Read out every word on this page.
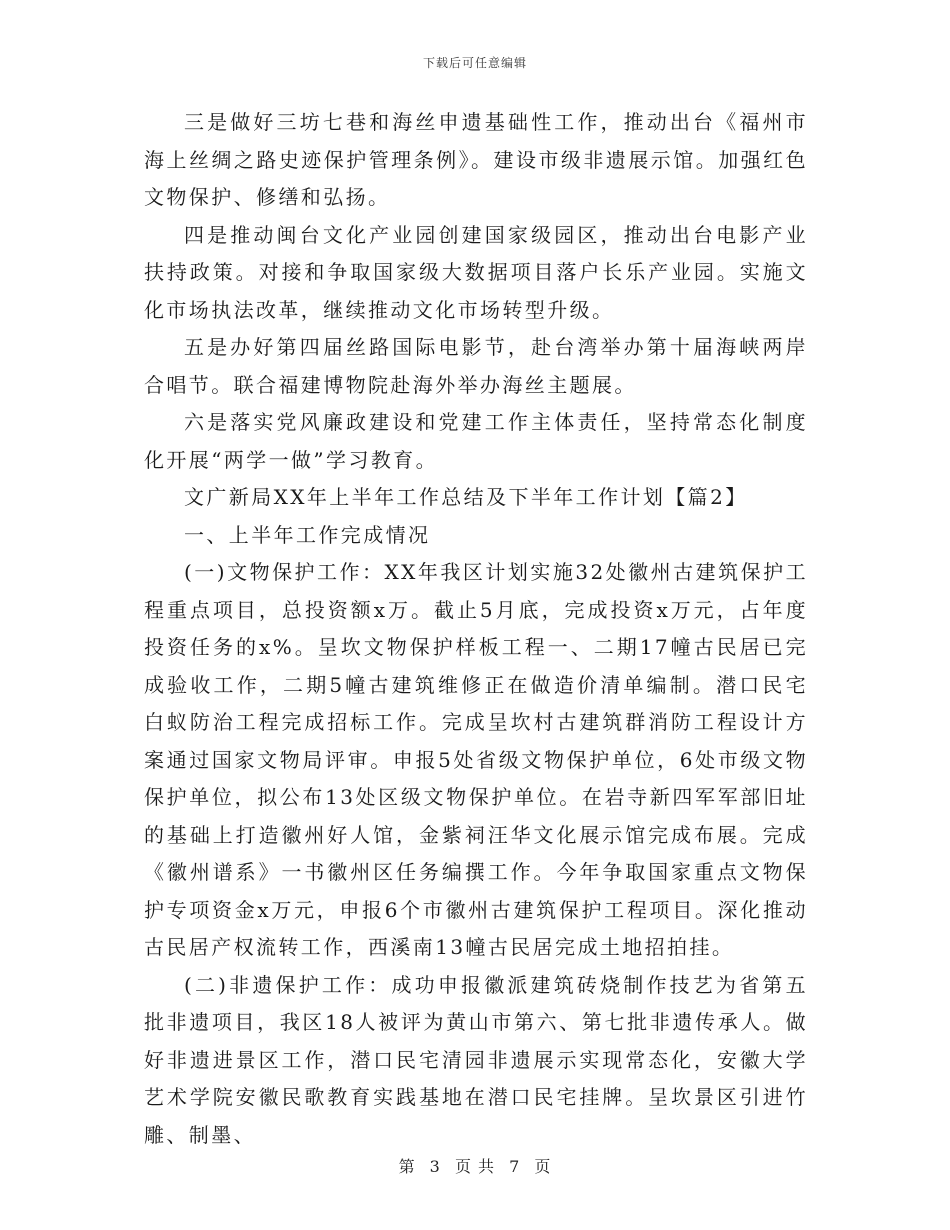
下载后可任意编辑

三是做好三坊七巷和海丝申遗基础性工作，推动出台《福州市海上丝绸之路史迹保护管理条例》。建设市级非遗展示馆。加强红色文物保护、修缮和弘扬。

四是推动闽台文化产业园创建国家级园区，推动出台电影产业扶持政策。对接和争取国家级大数据项目落户长乐产业园。实施文化市场执法改革，继续推动文化市场转型升级。

五是办好第四届丝路国际电影节，赴台湾举办第十届海峡两岸合唱节。联合福建博物院赴海外举办海丝主题展。

六是落实党风廉政建设和党建工作主体责任，坚持常态化制度化开展“两学一做”学习教育。

文广新局XX年上半年工作总结及下半年工作计划【篇2】

一、上半年工作完成情况

(一)文物保护工作：XX年我区计划实施32处徽州古建筑保护工程重点项目，总投资额x万。截止5月底，完成投资x万元，占年度投资任务的x%。呈坎文物保护样板工程一、二期17幢古民居已完成验收工作，二期5幢古建筑维修正在做造价清单编制。潜口民宅白蚁防治工程完成招标工作。完成呈坎村古建筑群消防工程设计方案通过国家文物局评审。申报5处省级文物保护单位，6处市级文物保护单位，拟公布13处区级文物保护单位。在岩寺新四军军部旧址的基础上打造徽州好人馆，金紫祠汪华文化展示馆完成布展。完成《徽州谱系》一书徽州区任务编撰工作。今年争取国家重点文物保护专项资金x万元，申报6个市徽州古建筑保护工程项目。深化推动古民居产权流转工作，西溪南13幢古民居完成土地招拍挂。

(二)非遗保护工作：成功申报徽派建筑砖烧制作技艺为省第五批非遗项目，我区18人被评为黄山市第六、第七批非遗传承人。做好非遗进景区工作，潜口民宅清园非遗展示实现常态化，安徽大学艺术学院安徽民歌教育实践基地在潜口民宅挂牌。呈坎景区引进竹雕、制墨、

第 3 页 共 7 页
